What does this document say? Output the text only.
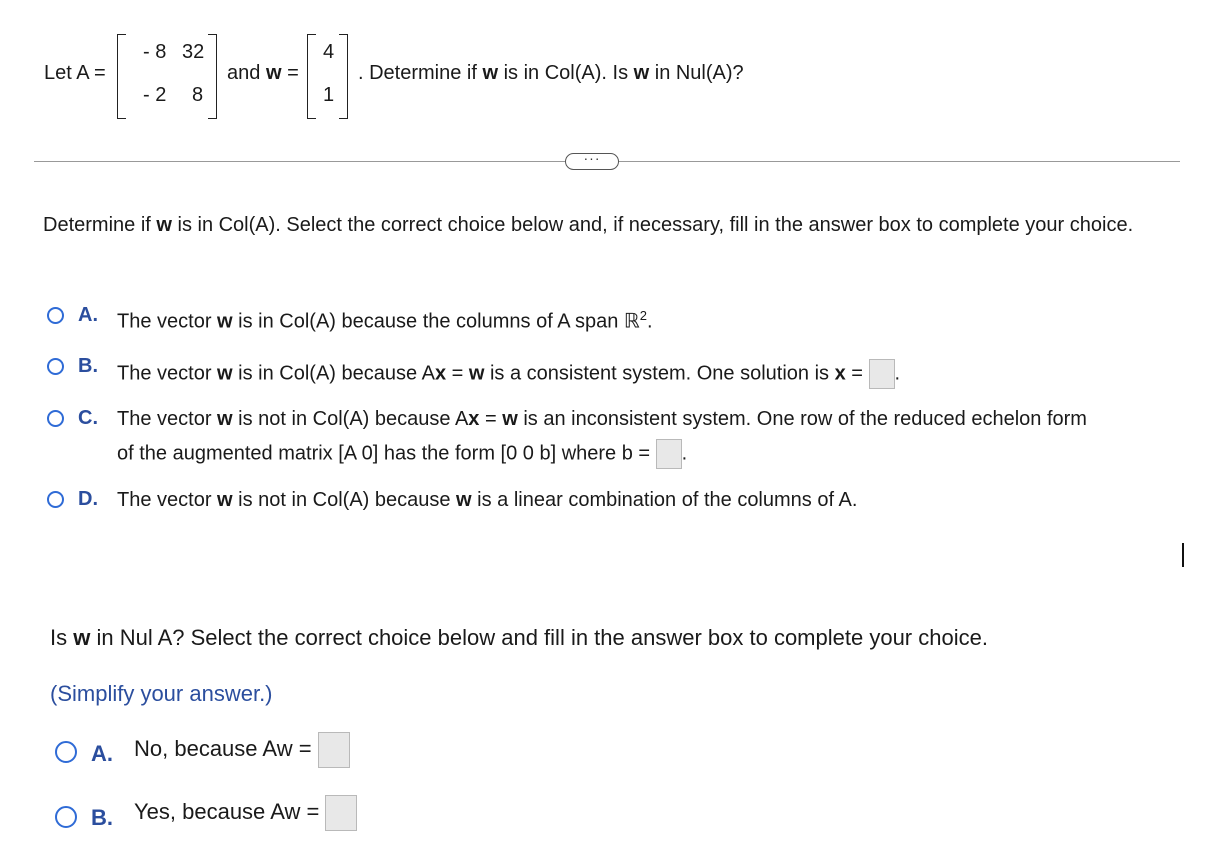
Let A =
- 8 32
- 2 8
and w =
4
1
. Determine if w is in Col(A). Is w in Nul(A)?
···
Determine if w is in Col(A). Select the correct choice below and, if necessary, fill in the answer box to complete your choice.
A. The vector w is in Col(A) because the columns of A span ℝ$^2$.
B. The vector w is in Col(A) because Ax = w is a consistent system. One solution is x = .
C. The vector w is not in Col(A) because Ax = w is an inconsistent system. One row of the reduced echelon form
of the augmented matrix [A 0] has the form [0 0 b] where b = .
D. The vector w is not in Col(A) because w is a linear combination of the columns of A.
Is w in Nul A? Select the correct choice below and fill in the answer box to complete your choice.
(Simplify your answer.)
A. No, because Aw =
B. Yes, because Aw =
